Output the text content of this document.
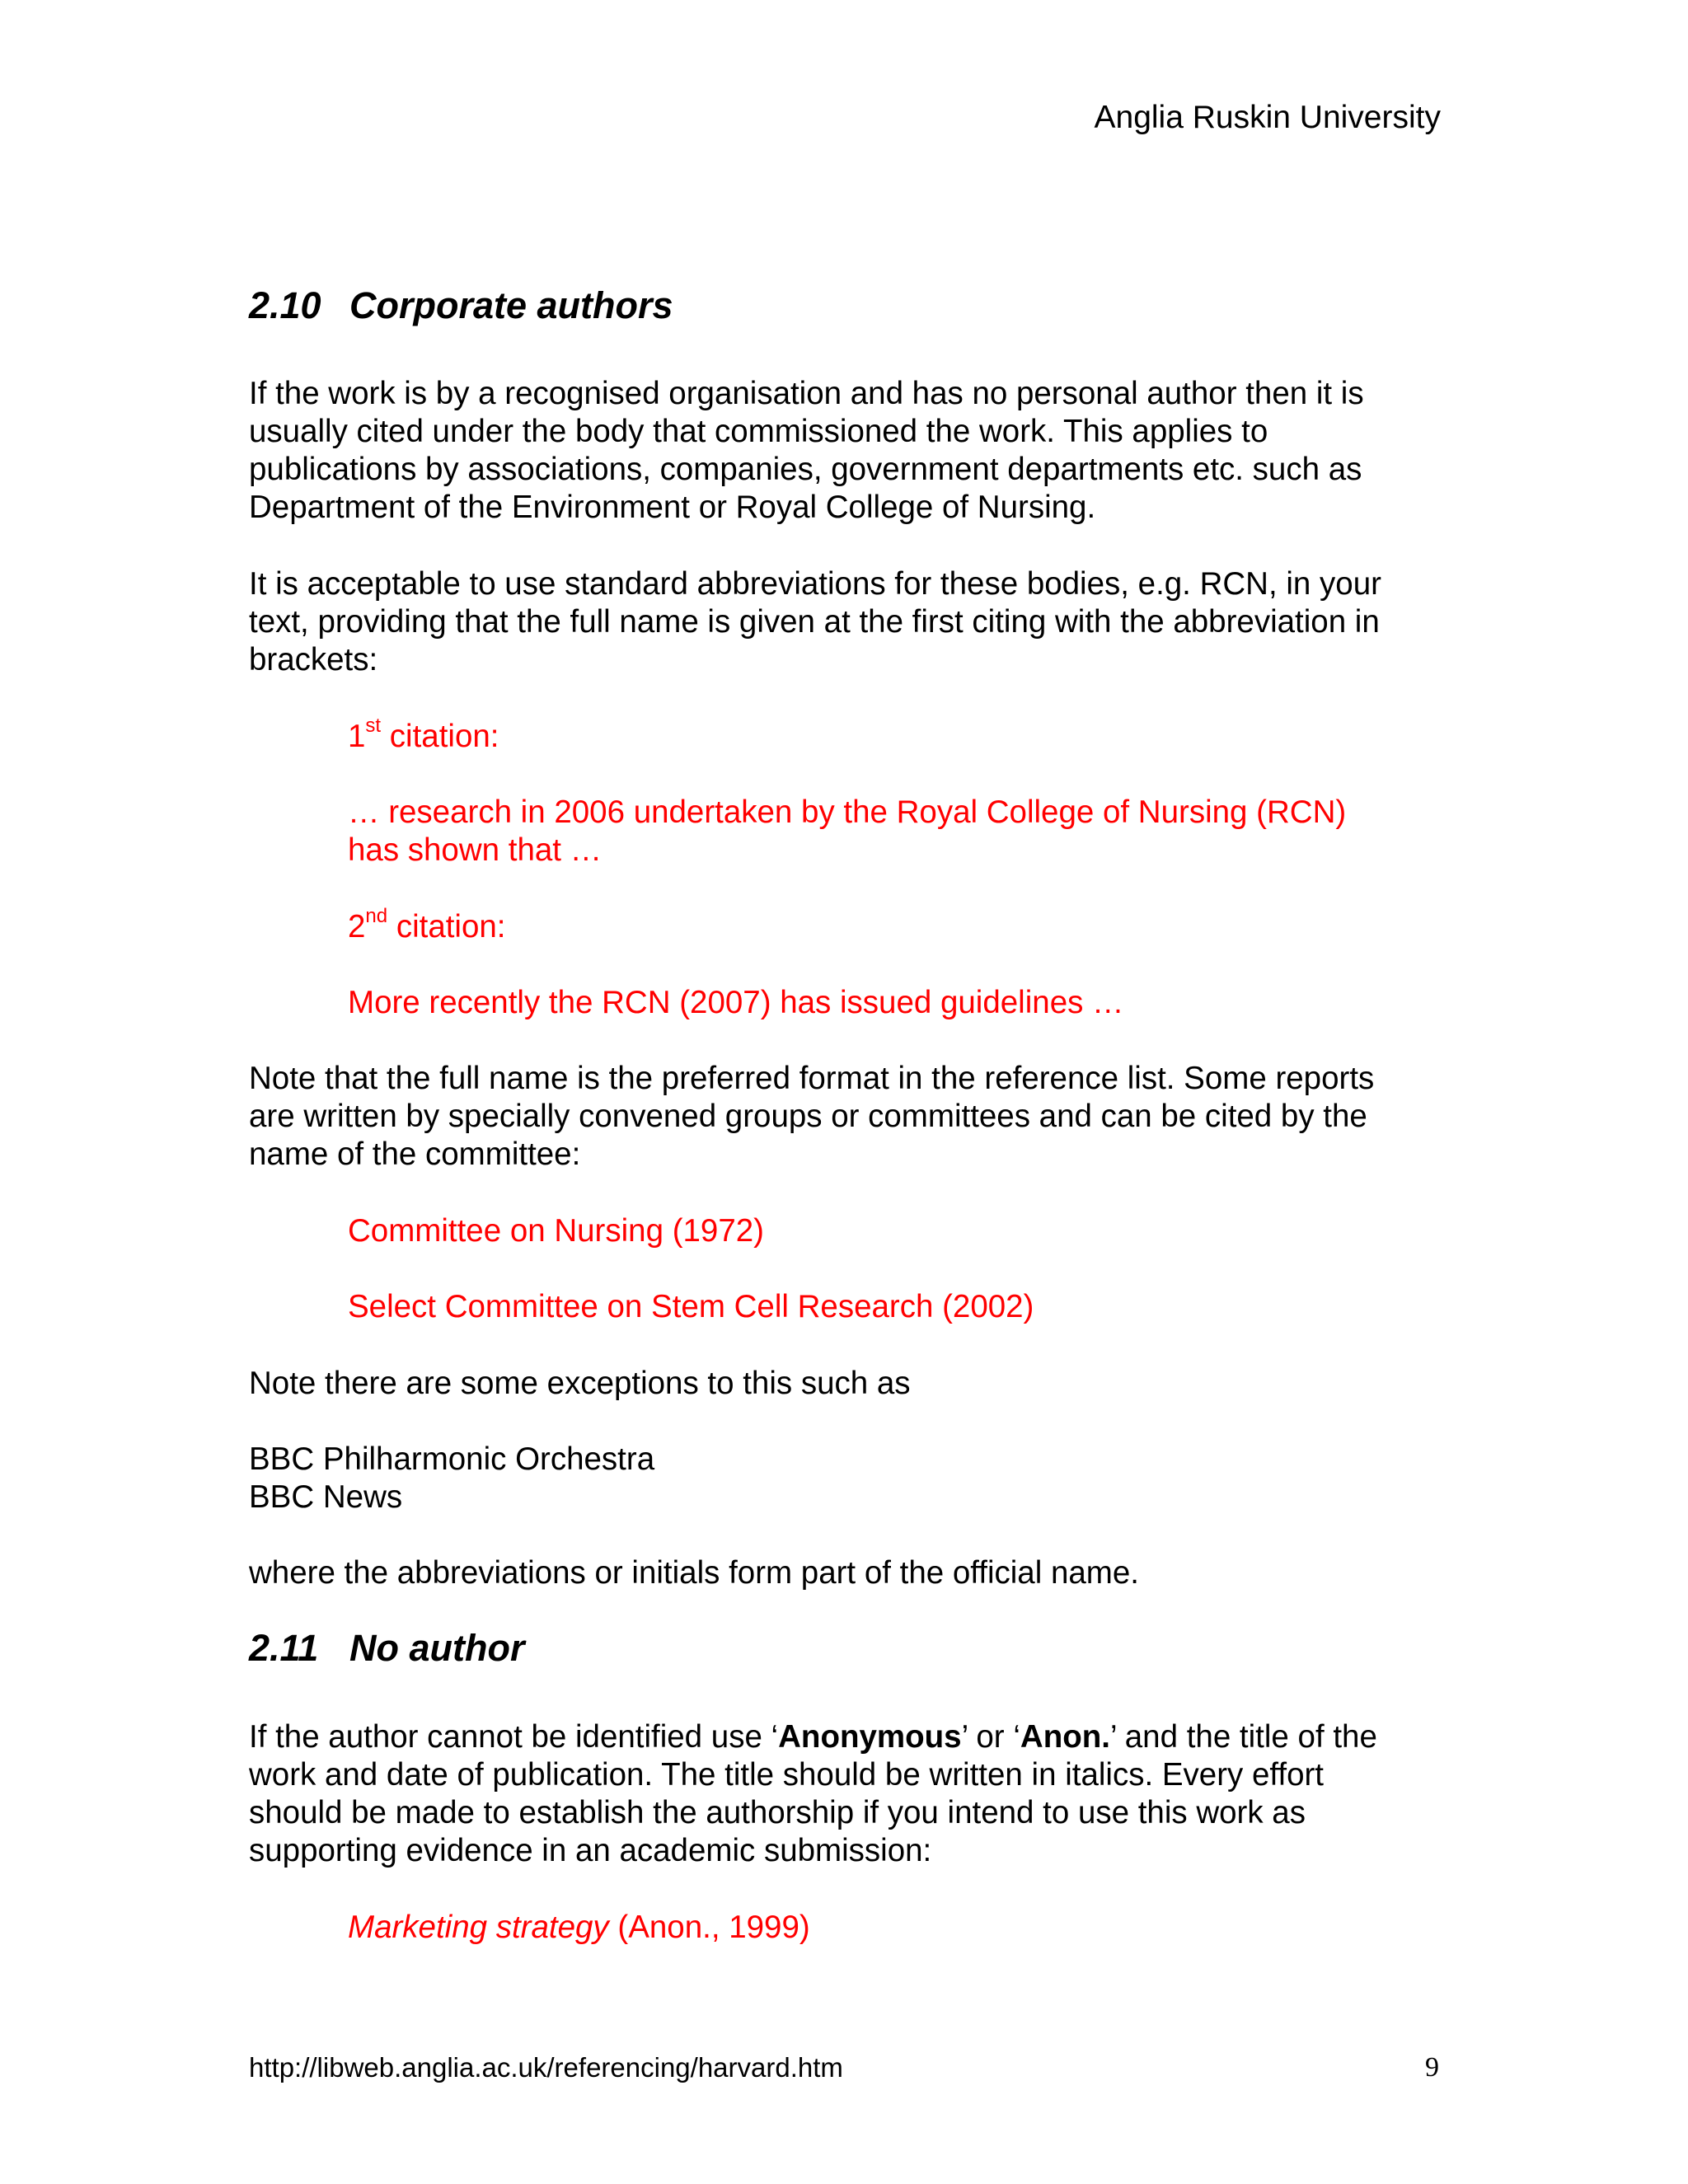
Anglia Ruskin University
2.10 Corporate authors
If the work is by a recognised organisation and has no personal author then it is
usually cited under the body that commissioned the work. This applies to
publications by associations, companies, government departments etc. such as
Department of the Environment or Royal College of Nursing.
It is acceptable to use standard abbreviations for these bodies, e.g. RCN, in your
text, providing that the full name is given at the first citing with the abbreviation in
brackets:
1st citation:
… research in 2006 undertaken by the Royal College of Nursing (RCN)
has shown that …
2nd citation:
More recently the RCN (2007) has issued guidelines …
Note that the full name is the preferred format in the reference list. Some reports
are written by specially convened groups or committees and can be cited by the
name of the committee:
Committee on Nursing (1972)
Select Committee on Stem Cell Research (2002)
Note there are some exceptions to this such as
BBC Philharmonic Orchestra
BBC News
where the abbreviations or initials form part of the official name.
2.11 No author
If the author cannot be identified use ‘Anonymous’ or ‘Anon.’ and the title of the
work and date of publication. The title should be written in italics. Every effort
should be made to establish the authorship if you intend to use this work as
supporting evidence in an academic submission:
Marketing strategy (Anon., 1999)
http://libweb.anglia.ac.uk/referencing/harvard.htm	9
